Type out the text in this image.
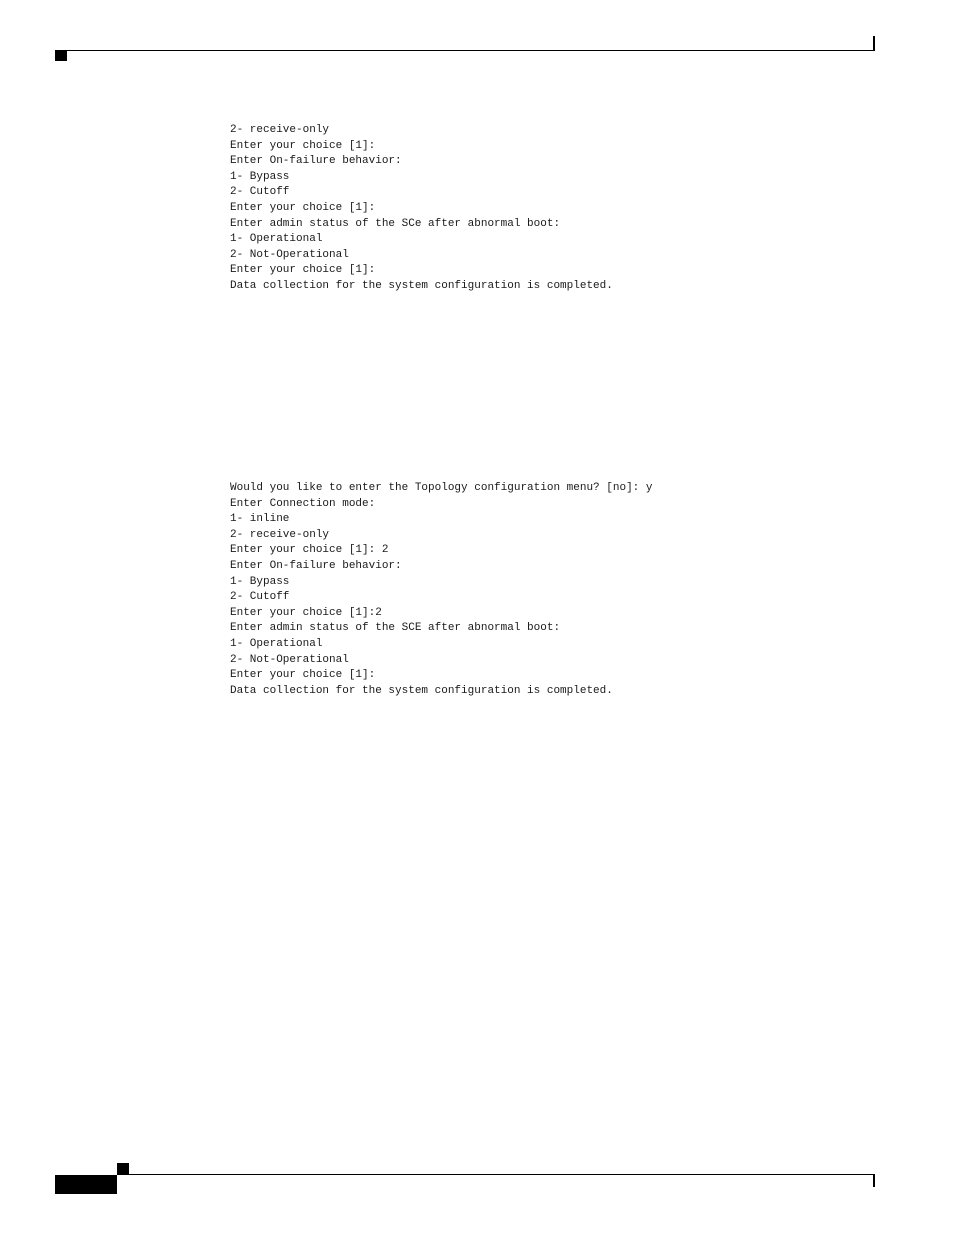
2- receive-only
Enter your choice [1]:
Enter On-failure behavior:
1- Bypass
2- Cutoff
Enter your choice [1]:
Enter admin status of the SCe after abnormal boot:
1- Operational
2- Not-Operational
Enter your choice [1]:
Data collection for the system configuration is completed.
Would you like to enter the Topology configuration menu? [no]: y
Enter Connection mode:
1- inline
2- receive-only
Enter your choice [1]: 2
Enter On-failure behavior:
1- Bypass
2- Cutoff
Enter your choice [1]:2
Enter admin status of the SCE after abnormal boot:
1- Operational
2- Not-Operational
Enter your choice [1]:
Data collection for the system configuration is completed.
